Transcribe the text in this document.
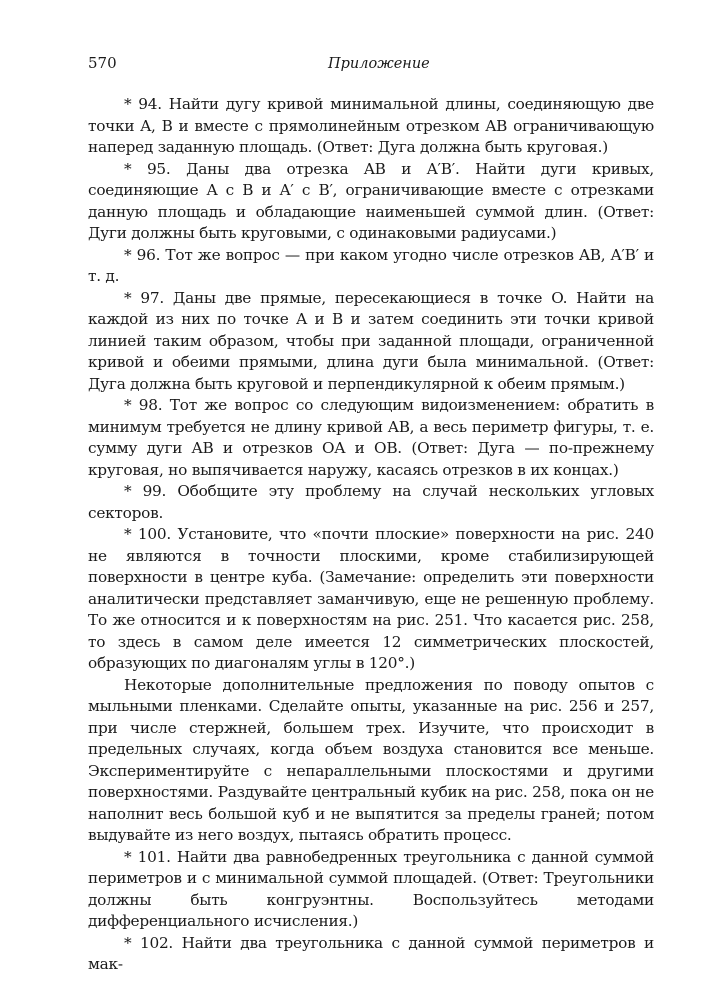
570	Приложение

* 94. Найти дугу кривой минимальной длины, соединяющую две точки A, B и вместе с прямолинейным отрезком AB ограничивающую наперед заданную площадь. (Ответ: Дуга должна быть круговая.)

* 95. Даны два отрезка AB и A′B′. Найти дуги кривых, соединяющие A с B и A′ с B′, ограничивающие вместе с отрезками данную площадь и обладающие наименьшей суммой длин. (Ответ: Дуги должны быть круговыми, с одинаковыми радиусами.)

* 96. Тот же вопрос — при каком угодно числе отрезков AB, A′B′ и т. д.

* 97. Даны две прямые, пересекающиеся в точке O. Найти на каждой из них по точке A и B и затем соединить эти точки кривой линией таким образом, чтобы при заданной площади, ограниченной кривой и обеими прямыми, длина дуги была минимальной. (Ответ: Дуга должна быть круговой и перпендикулярной к обеим прямым.)

* 98. Тот же вопрос со следующим видоизменением: обратить в минимум требуется не длину кривой AB, а весь периметр фигуры, т. е. сумму дуги AB и отрезков OA и OB. (Ответ: Дуга — по-прежнему круговая, но выпячивается наружу, касаясь отрезков в их концах.)

* 99. Обобщите эту проблему на случай нескольких угловых секторов.

* 100. Установите, что «почти плоские» поверхности на рис. 240 не являются в точности плоскими, кроме стабилизирующей поверхности в центре куба. (Замечание: определить эти поверхности аналитически представляет заманчивую, еще не решенную проблему. То же относится и к поверхностям на рис. 251. Что касается рис. 258, то здесь в самом деле имеется 12 симметрических плоскостей, образующих по диагоналям углы в 120°.)

Некоторые дополнительные предложения по поводу опытов с мыльными пленками. Сделайте опыты, указанные на рис. 256 и 257, при числе стержней, большем трех. Изучите, что происходит в предельных случаях, когда объем воздуха становится все меньше. Экспериментируйте с непараллельными плоскостями и другими поверхностями. Раздувайте центральный кубик на рис. 258, пока он не наполнит весь большой куб и не выпятится за пределы граней; потом выдувайте из него воздух, пытаясь обратить процесс.

* 101. Найти два равнобедренных треугольника с данной суммой периметров и с минимальной суммой площадей. (Ответ: Треугольники должны быть конгруэнтны. Воспользуйтесь методами дифференциального исчисления.)

* 102. Найти два треугольника с данной суммой периметров и мак-
